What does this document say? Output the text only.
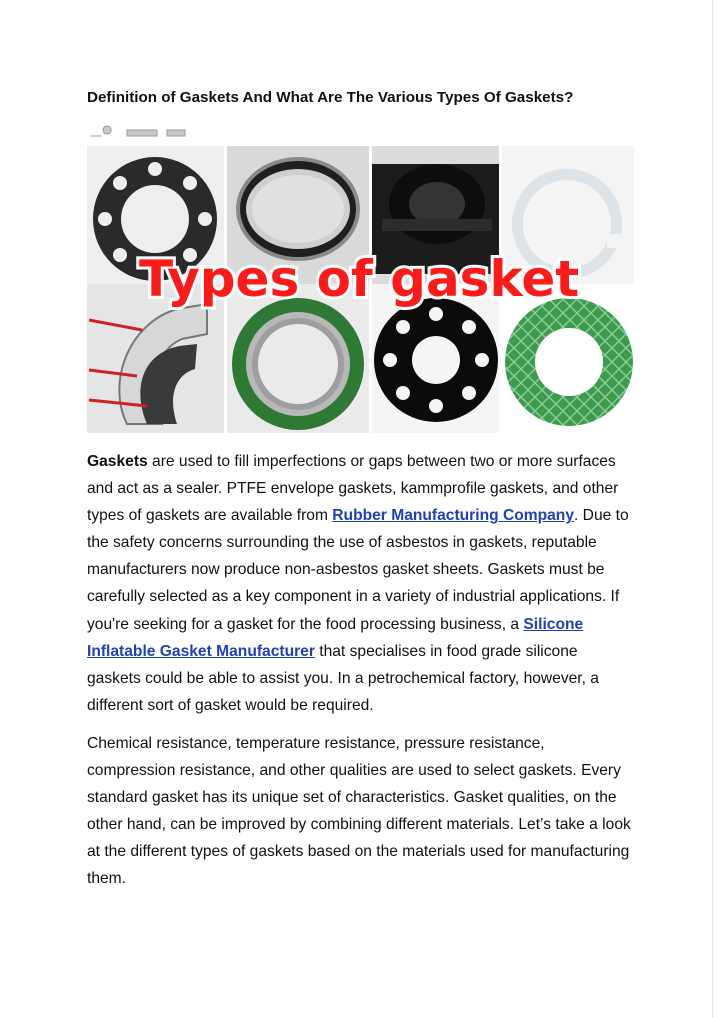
Definition of Gaskets And What Are The Various Types Of Gaskets?
Types of gasket

Gaskets are used to fill imperfections or gaps between two or more surfaces and act as a sealer. PTFE envelope gaskets, kammprofile gaskets, and other types of gaskets are available from Rubber Manufacturing Company. Due to the safety concerns surrounding the use of asbestos in gaskets, reputable manufacturers now produce non-asbestos gasket sheets. Gaskets must be carefully selected as a key component in a variety of industrial applications. If you're seeking for a gasket for the food processing business, a Silicone Inflatable Gasket Manufacturer that specialises in food grade silicone gaskets could be able to assist you. In a petrochemical factory, however, a different sort of gasket would be required.

Chemical resistance, temperature resistance, pressure resistance, compression resistance, and other qualities are used to select gaskets. Every standard gasket has its unique set of characteristics. Gasket qualities, on the other hand, can be improved by combining different materials. Let’s take a look at the different types of gaskets based on the materials used for manufacturing them.
